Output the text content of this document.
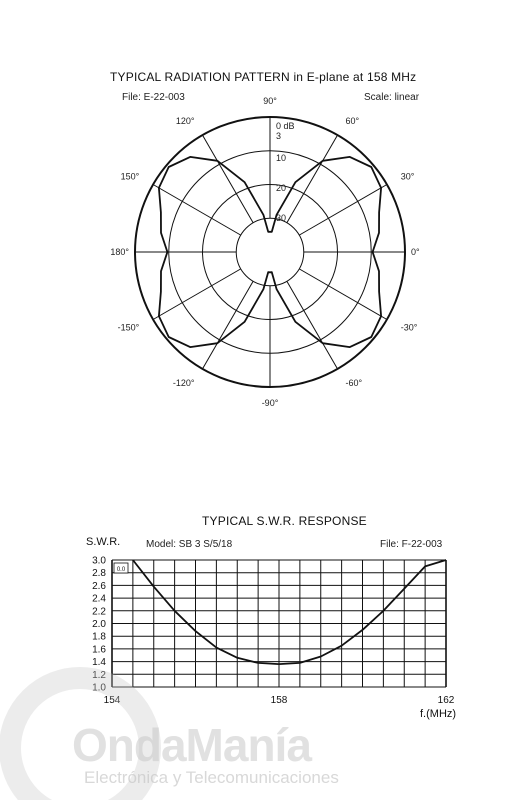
TYPICAL RADIATION PATTERN in E-plane at 158 MHz
File: E-22-003	Scale: linear
90°
60°
30°
0°
-30°
-60°
-90°
-120°
-150°
180°
150°
120°	0 dB
3
10
20
30
TYPICAL S.W.R. RESPONSE
S.W.R.	Model: SB 3 S/5/18	File: F-22-003
f.(MHz)
3.0
2.8
2.6
2.4
2.2
2.0
1.8
1.6
1.4
1.2
1.0
154	158	162
0.0
OndaManía
Electrónica y Telecomunicaciones
